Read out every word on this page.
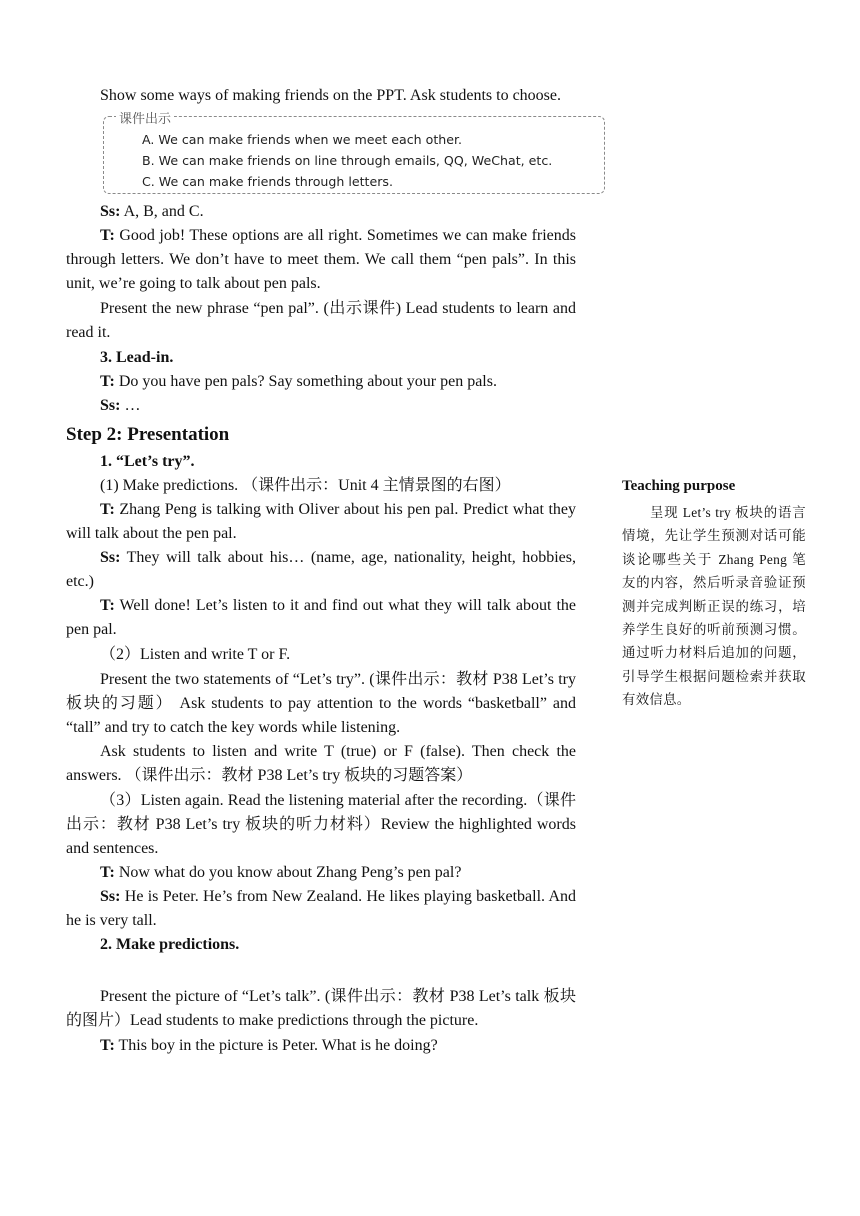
Show some ways of making friends on the PPT. Ask students to choose.

课件出示
A. We can make friends when we meet each other.
B. We can make friends on line through emails, QQ, WeChat, etc.
C. We can make friends through letters.

Ss: A, B, and C.

T: Good job! These options are all right. Sometimes we can make friends through letters. We don’t have to meet them. We call them “pen pals”. In this unit, we’re going to talk about pen pals.

Present the new phrase “pen pal”. (出示课件) Lead students to learn and read it.

3. Lead-in.

T: Do you have pen pals? Say something about your pen pals.

Ss: …

Step 2: Presentation

1. “Let’s try”.

(1) Make predictions. （课件出示：Unit 4 主情景图的右图）

T: Zhang Peng is talking with Oliver about his pen pal. Predict what they will talk about the pen pal.

Ss: They will talk about his… (name, age, nationality, height, hobbies, etc.)

T: Well done! Let’s listen to it and find out what they will talk about the pen pal.

（2）Listen and write T or F.

Present the two statements of “Let’s try”. (课件出示：教材 P38 Let’s try 板块的习题） Ask students to pay attention to the words “basketball” and “tall” and try to catch the key words while listening.

Ask students to listen and write T (true) or F (false). Then check the answers. （课件出示：教材 P38 Let’s try 板块的习题答案）

（3）Listen again. Read the listening material after the recording.（课件出示：教材 P38 Let’s try 板块的听力材料）Review the highlighted words and sentences.

T: Now what do you know about Zhang Peng’s pen pal?

Ss: He is Peter. He’s from New Zealand. He likes playing basketball. And he is very tall.

2. Make predictions.

Present the picture of “Let’s talk”. (课件出示：教材 P38 Let’s talk 板块的图片）Lead students to make predictions through the picture.

T: This boy in the picture is Peter. What is he doing?

Teaching purpose

呈现 Let’s try 板块的语言情境，先让学生预测对话可能谈论哪些关于 Zhang Peng 笔友的内容，然后听录音验证预测并完成判断正误的练习，培养学生良好的听前预测习惯。通过听力材料后追加的问题，引导学生根据问题检索并获取有效信息。
